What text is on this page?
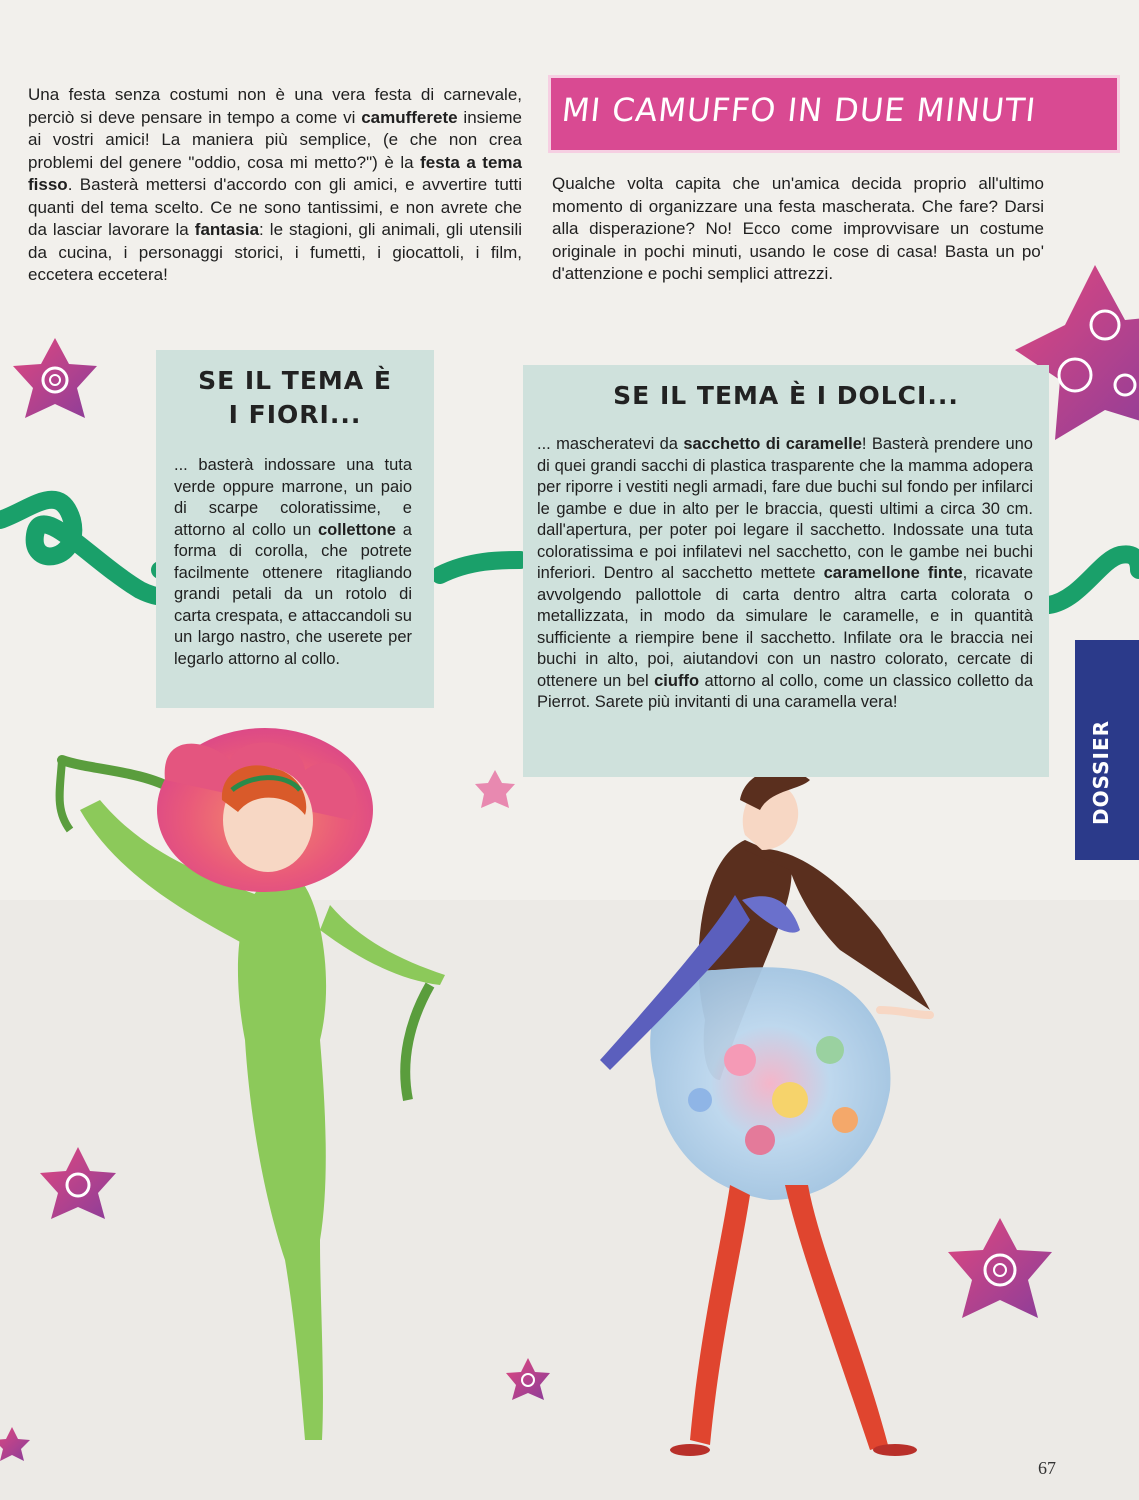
Una festa senza costumi non è una vera festa di carnevale, perciò si deve pensare in tempo a come vi camufferete insieme ai vostri amici! La maniera più semplice, (e che non crea problemi del genere "oddio, cosa mi metto?") è la festa a tema fisso. Basterà mettersi d'accordo con gli amici, e avvertire tutti quanti del tema scelto. Ce ne sono tantissimi, e non avrete che da lasciar lavorare la fantasia: le stagioni, gli animali, gli utensili da cucina, i personaggi storici, i fumetti, i giocattoli, i film, eccetera eccetera!
MI CAMUFFO IN DUE MINUTI
Qualche volta capita che un'amica decida proprio all'ultimo momento di organizzare una festa mascherata. Che fare? Darsi alla disperazione? No! Ecco come improvvisare un costume originale in pochi minuti, usando le cose di casa! Basta un po' d'attenzione e pochi semplici attrezzi.
SE IL TEMA È
I FIORI...
... basterà indossare una tuta verde oppure marrone, un paio di scarpe coloratissime, e attorno al collo un collettone a forma di corolla, che potrete facilmente ottenere ritagliando grandi petali da un rotolo di carta crespata, e attaccandoli su un largo nastro, che userete per legarlo attorno al collo.
SE IL TEMA È I DOLCI...
... mascheratevi da sacchetto di caramelle! Basterà prendere uno di quei grandi sacchi di plastica trasparente che la mamma adopera per riporre i vestiti negli armadi, fare due buchi sul fondo per infilarci le gambe e due in alto per le braccia, questi ultimi a circa 30 cm. dall'apertura, per poter poi legare il sacchetto. Indossate una tuta coloratissima e poi infilatevi nel sacchetto, con le gambe nei buchi inferiori. Dentro al sacchetto mettete caramellone finte, ricavate avvolgendo pallottole di carta dentro altra carta colorata o metallizzata, in modo da simulare le caramelle, e in quantità sufficiente a riempire bene il sacchetto. Infilate ora le braccia nei buchi in alto, poi, aiutandovi con un nastro colorato, cercate di ottenere un bel ciuffo attorno al collo, come un classico colletto da Pierrot. Sarete più invitanti di una caramella vera!
DOSSIER
67
